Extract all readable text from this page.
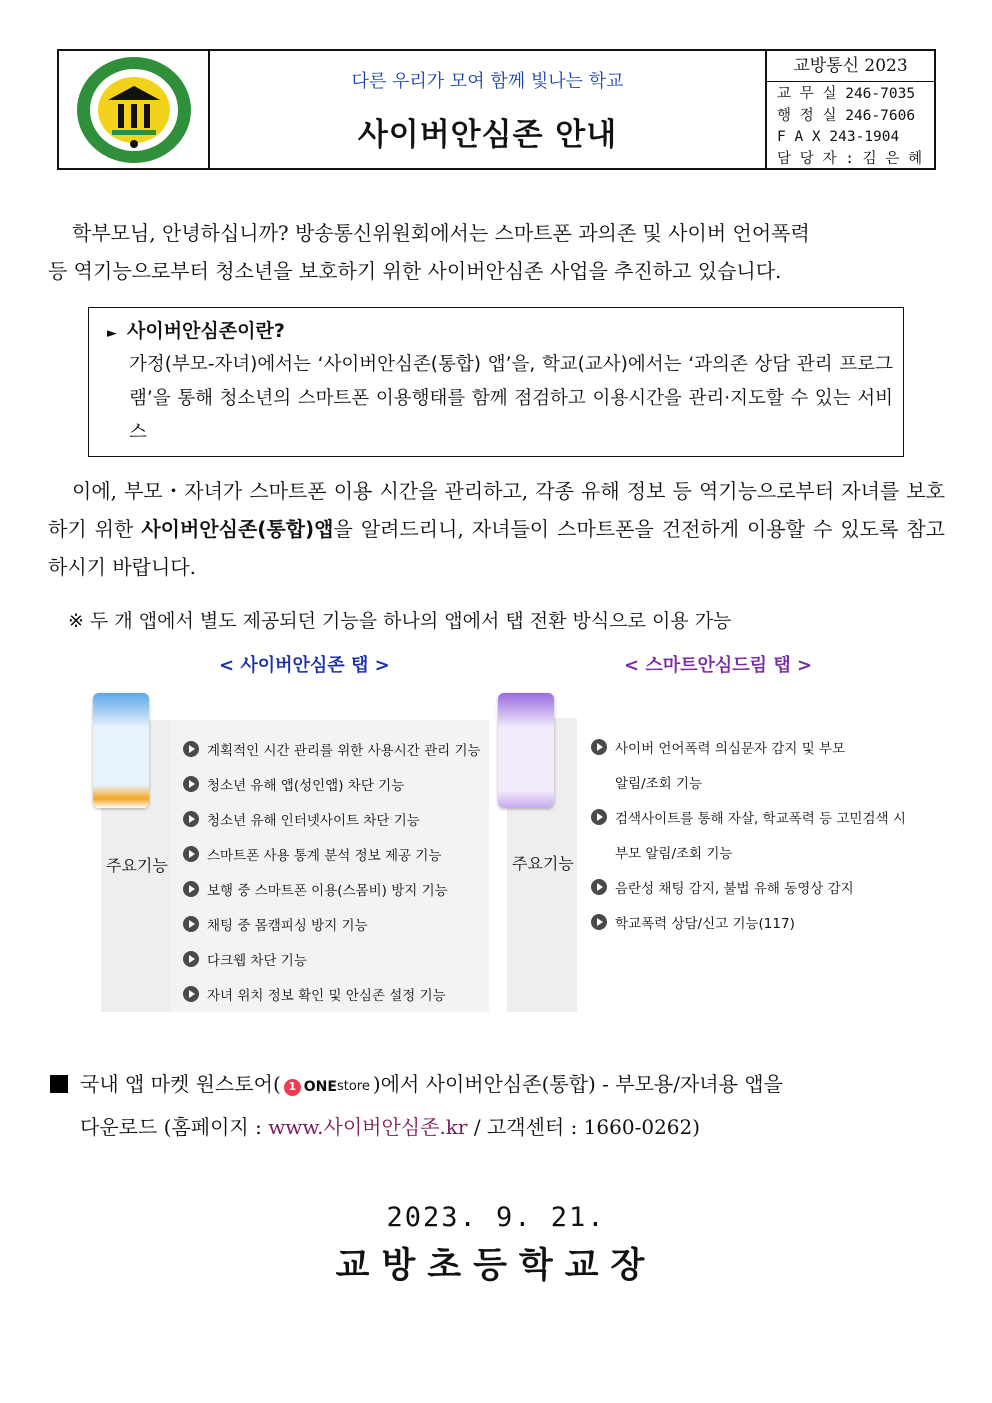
다른 우리가 모여 함께 빛나는 학교
사이버안심존 안내
교방통신 2023
교 무 실 246-7035
행 정 실 246-7606
F A X 243-1904
담 당 자 : 김 은 혜
학부모님, 안녕하십니까? 방송통신위원회에서는 스마트폰 과의존 및 사이버 언어폭력
등 역기능으로부터 청소년을 보호하기 위한 사이버안심존 사업을 추진하고 있습니다.
► 사이버안심존이란?
가정(부모-자녀)에서는 ‘사이버안심존(통합) 앱’을, 학교(교사)에서는 ‘과의존 상담 관리 프로그램’을 통해 청소년의 스마트폰 이용행태를 함께 점검하고 이용시간을 관리·지도할 수 있는 서비스
이에, 부모・자녀가 스마트폰 이용 시간을 관리하고, 각종 유해 정보 등 역기능으로부터 자녀를 보호하기 위한 사이버안심존(통합)앱을 알려드리니, 자녀들이 스마트폰을 건전하게 이용할 수 있도록 참고하시기 바랍니다.
※ 두 개 앱에서 별도 제공되던 기능을 하나의 앱에서 탭 전환 방식으로 이용 가능
< 사이버안심존 탭 >	< 스마트안심드림 탭 >
주요기능
계획적인 시간 관리를 위한 사용시간 관리 기능
청소년 유해 앱(성인앱) 차단 기능
청소년 유해 인터넷사이트 차단 기능
스마트폰 사용 통계 분석 정보 제공 기능
보행 중 스마트폰 이용(스몸비) 방지 기능
채팅 중 몸캠피싱 방지 기능
다크웹 차단 기능
자녀 위치 정보 확인 및 안심존 설정 기능
주요기능
사이버 언어폭력 의심문자 감지 및 부모
알림/조회 기능
검색사이트를 통해 자살, 학교폭력 등 고민검색 시
부모 알림/조회 기능
음란성 채팅 감지, 불법 유해 동영상 감지
학교폭력 상담/신고 기능(117)
국내 앱 마켓 원스토어( 1 ONE store )에서 사이버안심존(통합) - 부모용/자녀용 앱을
다운로드 (홈페이지 : www.사이버안심존.kr / 고객센터 : 1660-0262)
2023. 9. 21.
교방초등학교장
